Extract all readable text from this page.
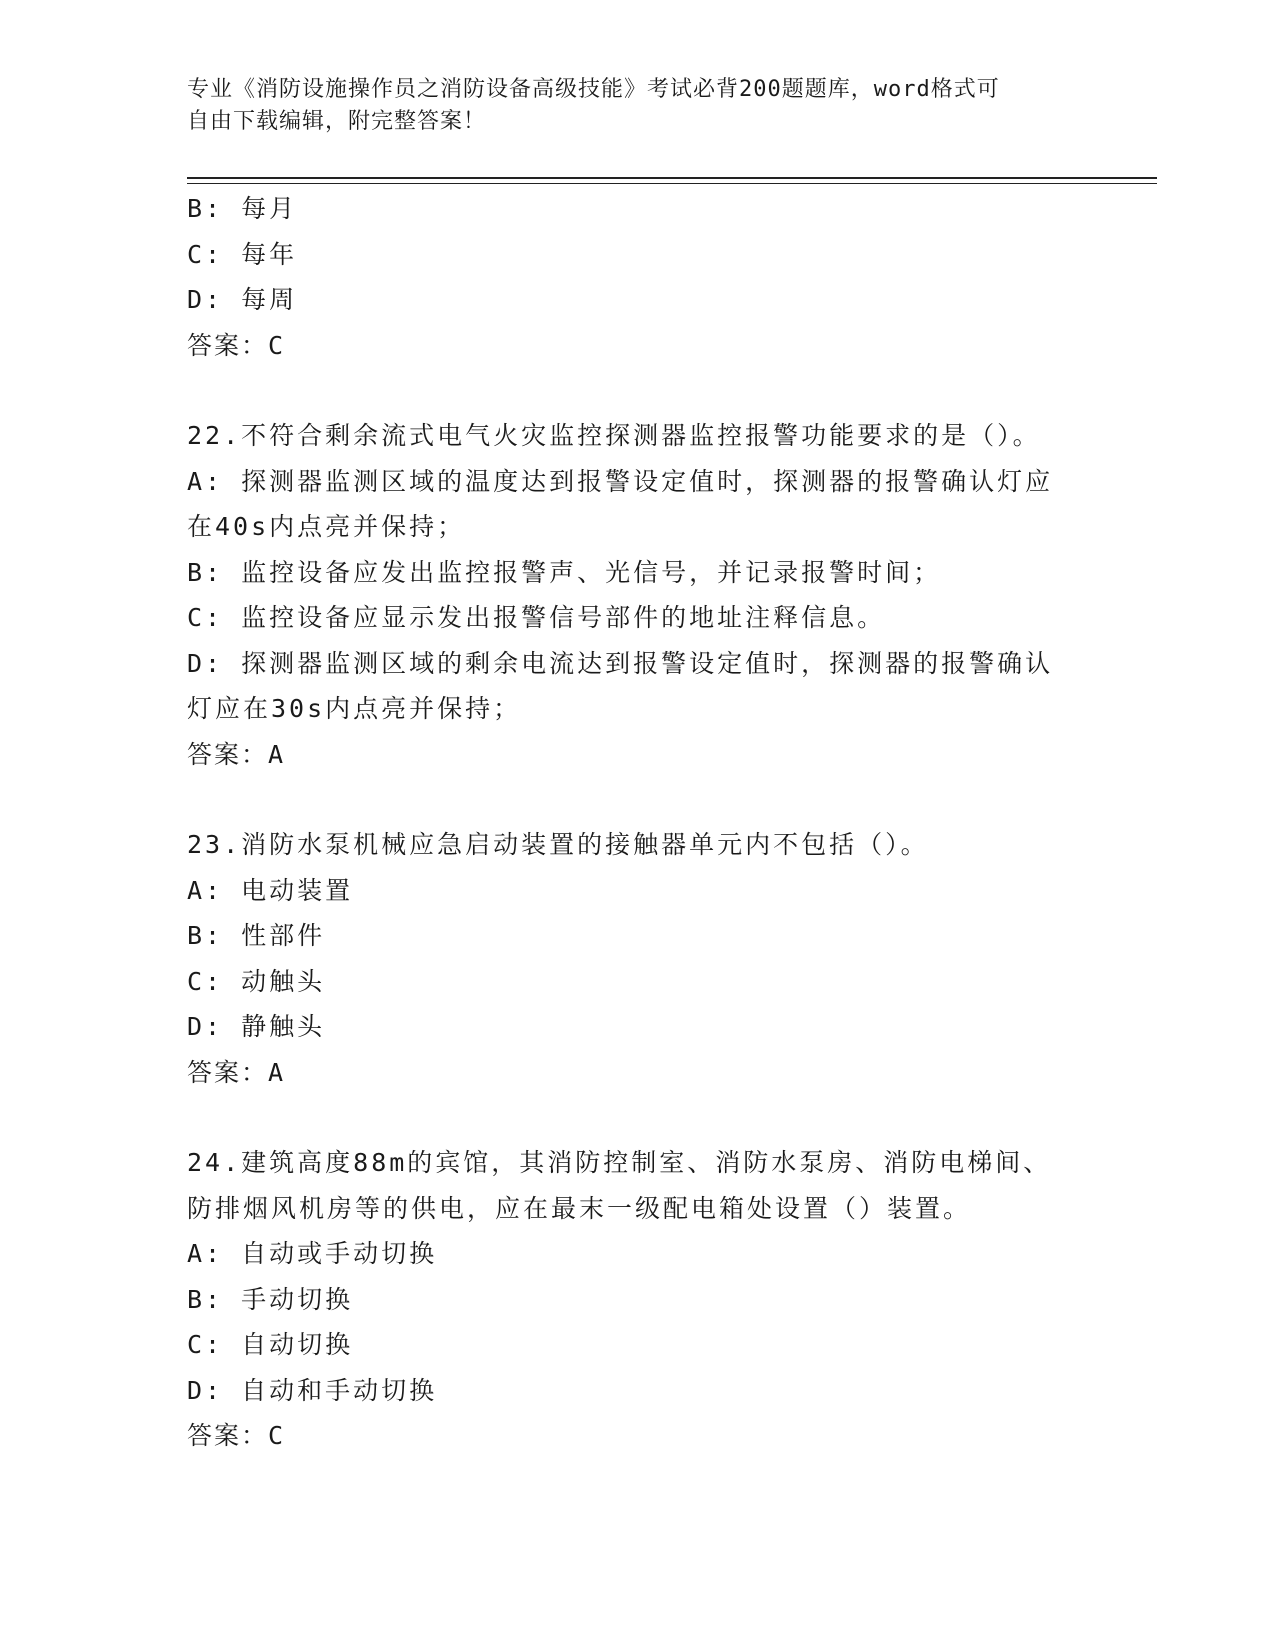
专业《消防设施操作员之消防设备高级技能》考试必背200题题库，word格式可

自由下载编辑，附完整答案！

B: 每月

C: 每年

D: 每周

答案：C

22.不符合剩余流式电气火灾监控探测器监控报警功能要求的是（）。

A: 探测器监测区域的温度达到报警设定值时，探测器的报警确认灯应

在40s内点亮并保持；

B: 监控设备应发出监控报警声、光信号，并记录报警时间；

C: 监控设备应显示发出报警信号部件的地址注释信息。

D: 探测器监测区域的剩余电流达到报警设定值时，探测器的报警确认

灯应在30s内点亮并保持；

答案：A

23.消防水泵机械应急启动装置的接触器单元内不包括（）。

A: 电动装置

B: 性部件

C: 动触头

D: 静触头

答案：A

24.建筑高度88m的宾馆，其消防控制室、消防水泵房、消防电梯间、

防排烟风机房等的供电，应在最末一级配电箱处设置（）装置。

A: 自动或手动切换

B: 手动切换

C: 自动切换

D: 自动和手动切换

答案：C
